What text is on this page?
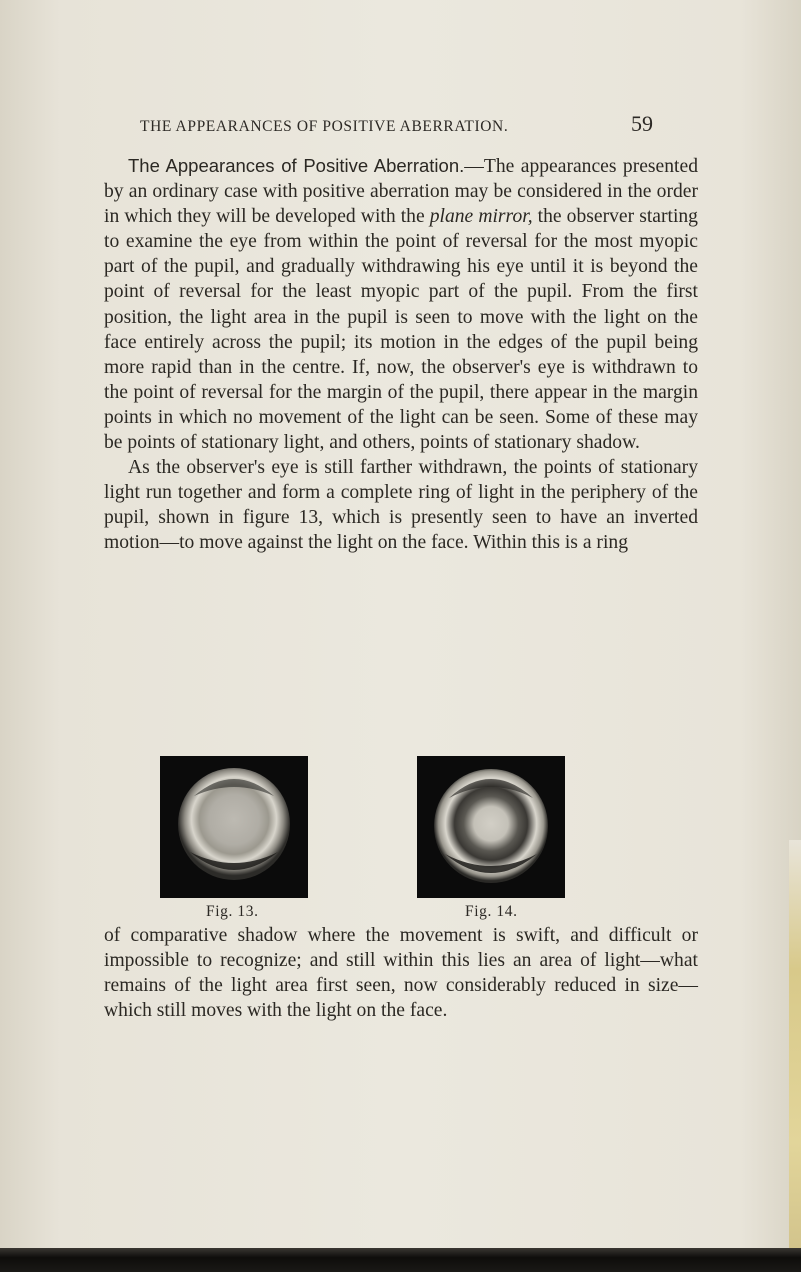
THE APPEARANCES OF POSITIVE ABERRATION.	59

The Appearances of Positive Aberration.—The appearances presented by an ordinary case with positive aberration may be considered in the order in which they will be developed with the plane mirror, the observer starting to examine the eye from within the point of reversal for the most myopic part of the pupil, and gradually withdrawing his eye until it is beyond the point of reversal for the least myopic part of the pupil. From the first position, the light area in the pupil is seen to move with the light on the face entirely across the pupil; its motion in the edges of the pupil being more rapid than in the centre. If, now, the observer's eye is withdrawn to the point of reversal for the margin of the pupil, there appear in the margin points in which no movement of the light can be seen. Some of these may be points of stationary light, and others, points of stationary shadow.

As the observer's eye is still farther withdrawn, the points of stationary light run together and form a complete ring of light in the periphery of the pupil, shown in figure 13, which is presently seen to have an inverted motion—to move against the light on the face. Within this is a ring

Fig. 13.	Fig. 14.

of comparative shadow where the movement is swift, and difficult or impossible to recognize; and still within this lies an area of light—what remains of the light area first seen, now considerably reduced in size—which still moves with the light on the face.
